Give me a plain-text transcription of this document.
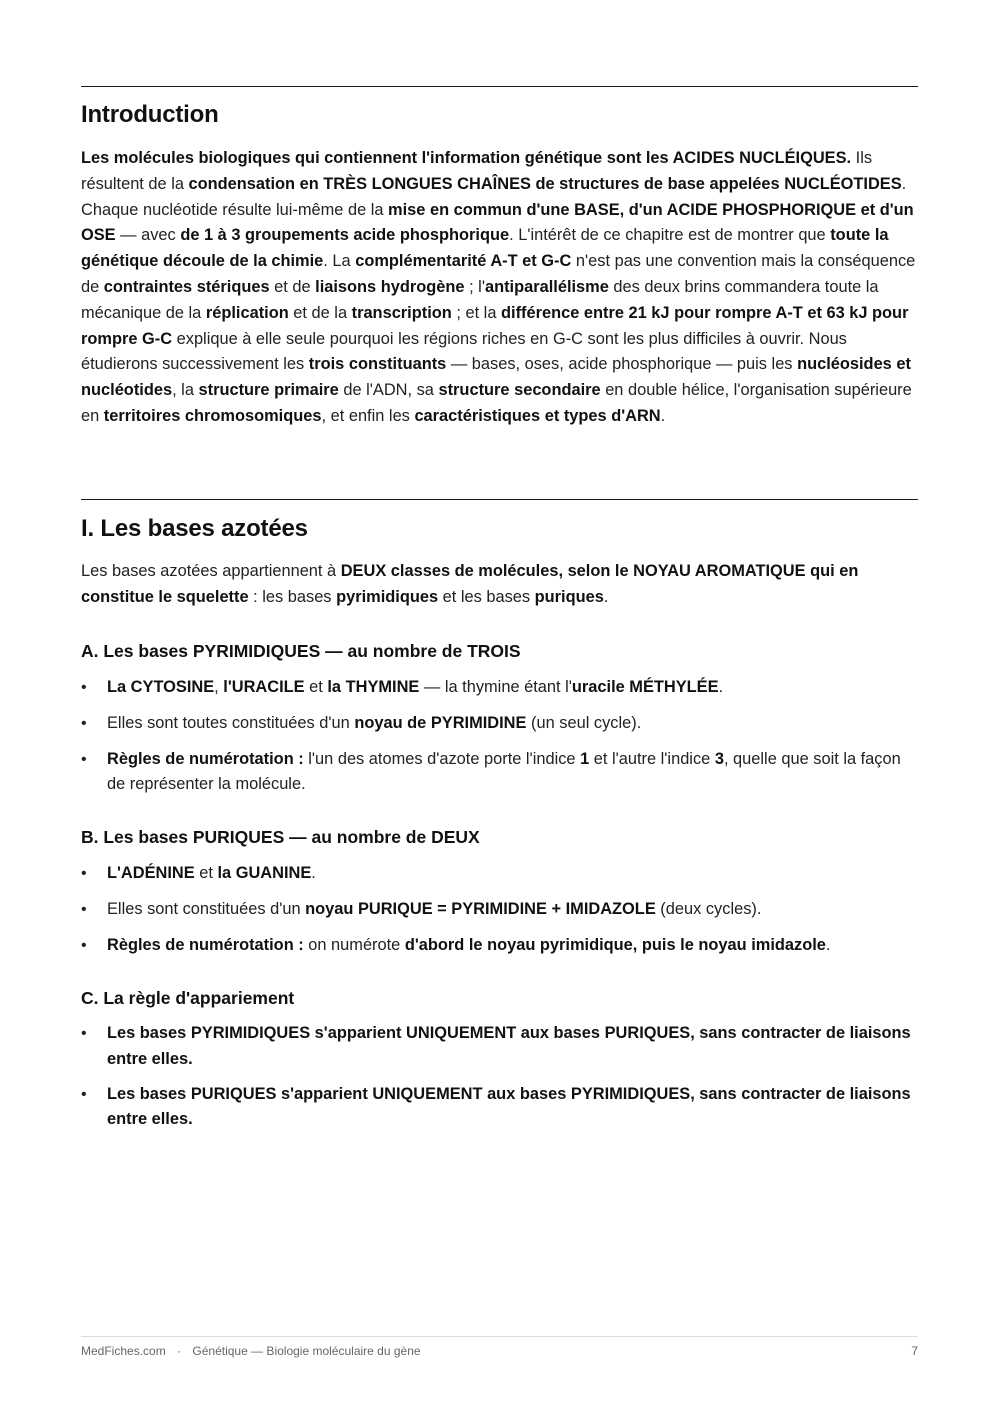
Introduction

Les molécules biologiques qui contiennent l'information génétique sont les ACIDES NUCLÉIQUES. Ils résultent de la condensation en TRÈS LONGUES CHAÎNES de structures de base appelées NUCLÉOTIDES. Chaque nucléotide résulte lui-même de la mise en commun d'une BASE, d'un ACIDE PHOSPHORIQUE et d'un OSE — avec de 1 à 3 groupements acide phosphorique. L'intérêt de ce chapitre est de montrer que toute la génétique découle de la chimie. La complémentarité A-T et G-C n'est pas une convention mais la conséquence de contraintes stériques et de liaisons hydrogène ; l'antiparallélisme des deux brins commandera toute la mécanique de la réplication et de la transcription ; et la différence entre 21 kJ pour rompre A-T et 63 kJ pour rompre G-C explique à elle seule pourquoi les régions riches en G-C sont les plus difficiles à ouvrir. Nous étudierons successivement les trois constituants — bases, oses, acide phosphorique — puis les nucléosides et nucléotides, la structure primaire de l'ADN, sa structure secondaire en double hélice, l'organisation supérieure en territoires chromosomiques, et enfin les caractéristiques et types d'ARN.

I. Les bases azotées

Les bases azotées appartiennent à DEUX classes de molécules, selon le NOYAU AROMATIQUE qui en constitue le squelette : les bases pyrimidiques et les bases puriques.

A. Les bases PYRIMIDIQUES — au nombre de TROIS
• La CYTOSINE, l'URACILE et la THYMINE — la thymine étant l'uracile MÉTHYLÉE.
• Elles sont toutes constituées d'un noyau de PYRIMIDINE (un seul cycle).
• Règles de numérotation : l'un des atomes d'azote porte l'indice 1 et l'autre l'indice 3, quelle que soit la façon de représenter la molécule.
B. Les bases PURIQUES — au nombre de DEUX
• L'ADÉNINE et la GUANINE.
• Elles sont constituées d'un noyau PURIQUE = PYRIMIDINE + IMIDAZOLE (deux cycles).
• Règles de numérotation : on numérote d'abord le noyau pyrimidique, puis le noyau imidazole.
C. La règle d'appariement
• Les bases PYRIMIDIQUES s'apparient UNIQUEMENT aux bases PURIQUES, sans contracter de liaisons entre elles.
• Les bases PURIQUES s'apparient UNIQUEMENT aux bases PYRIMIDIQUES, sans contracter de liaisons entre elles.
MedFiches.com · Génétique — Biologie moléculaire du gène	7
